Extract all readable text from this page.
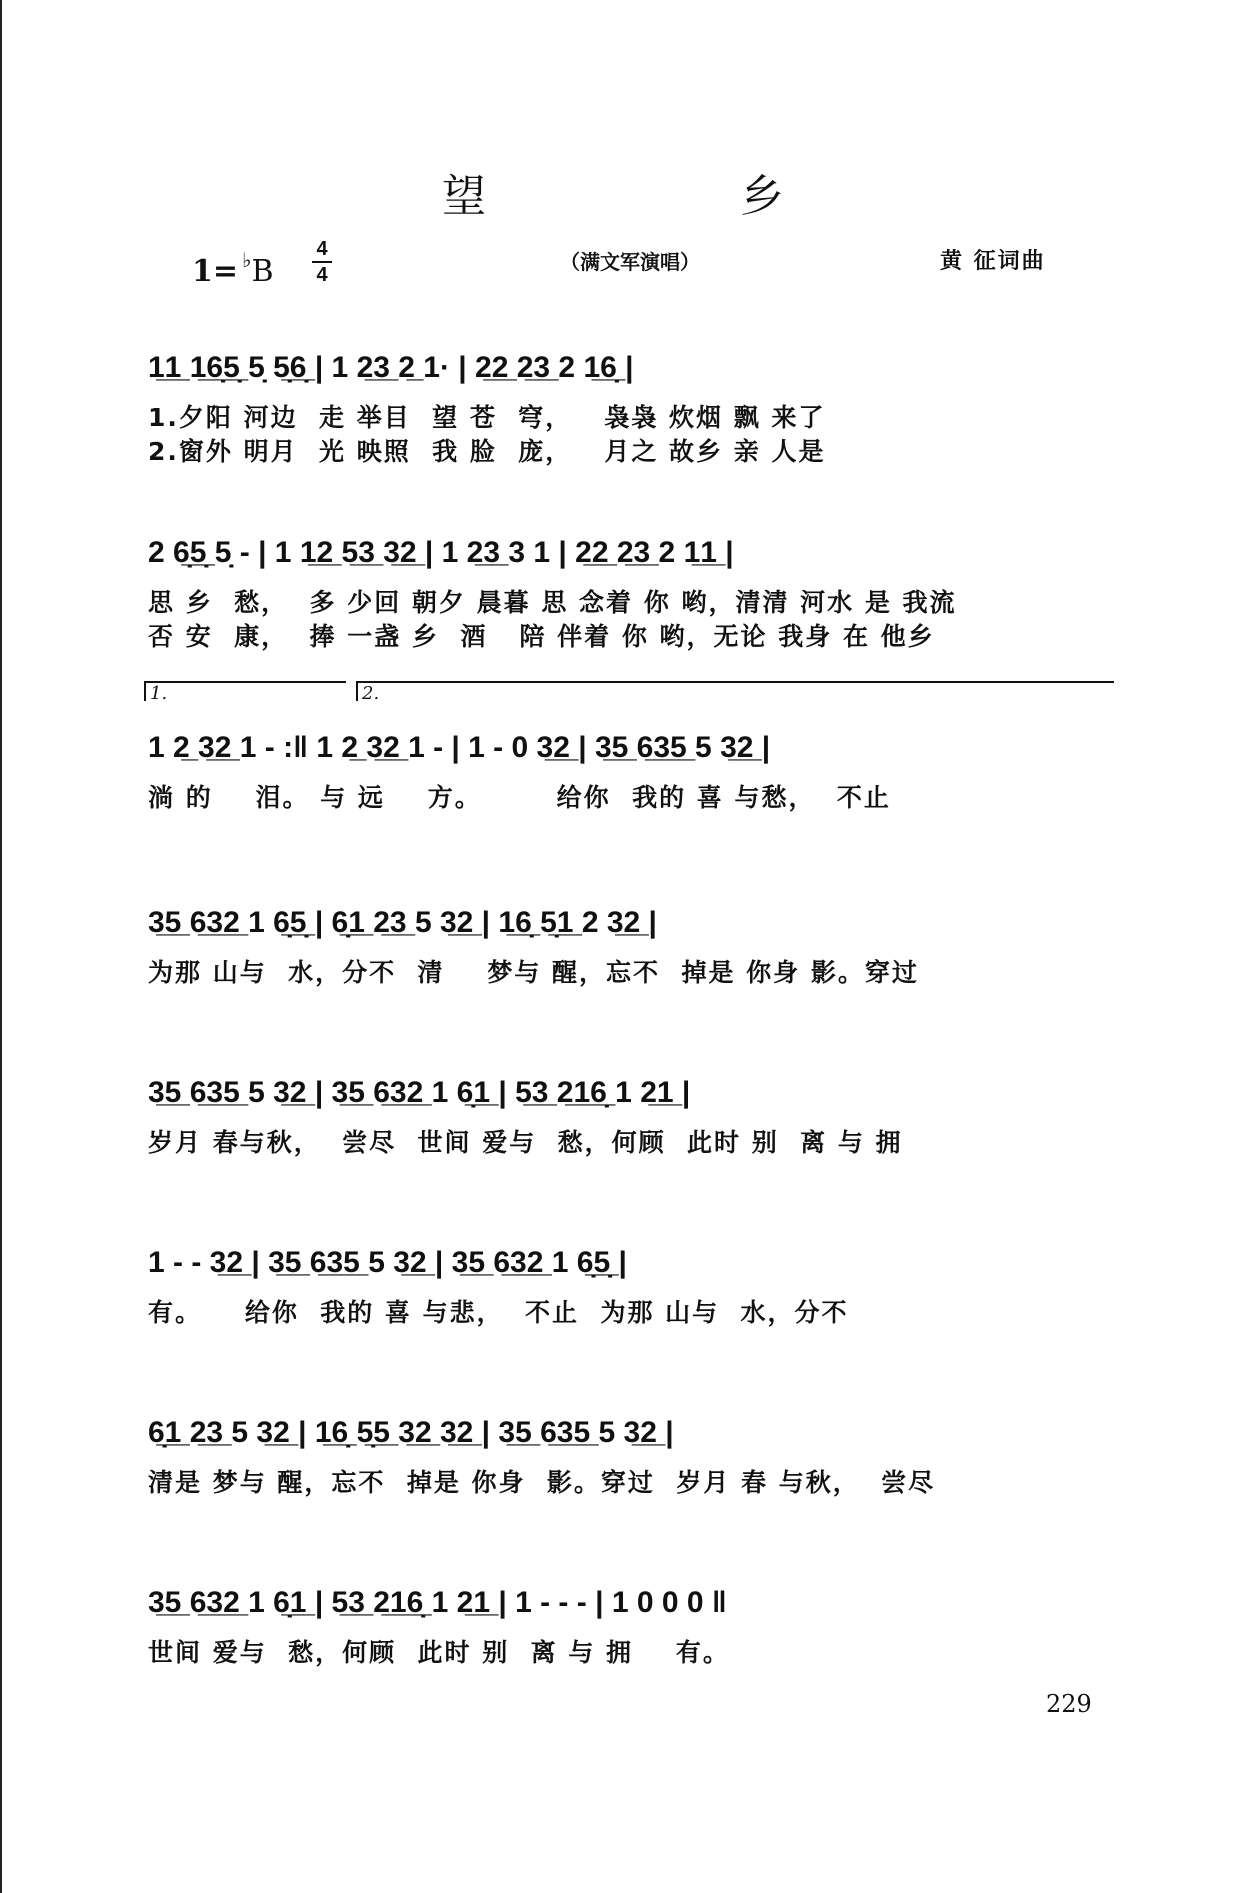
望 乡
1= ♭B
4
4
（满文军演唱）	黄 征词曲
1̲1̲ 1̲6̣̲5̣̲ 5̣ 5̣̲6̣̲ | 1 2̲3̲ 2̲ 1· | 2̲2̲ 2̲3̲ 2 1̲6̣̲ |
1.夕阳 河边  走 举目  望 苍  穹，   袅袅 炊烟 飘 来了
2.窗外 明月  光 映照  我 脸  庞，   月之 故乡 亲 人是
2 6̣̲5̣̲ 5̣ - | 1 1̲2̲ 5̲3̲ 3̲2̲ | 1 2̲3̲ 3 1 | 2̲2̲ 2̲3̲ 2 1̲1̲ |
思 乡  愁，  多 少回 朝夕 晨暮 思 念着 你 哟，清清 河水 是 我流
否 安  康，  捧 一盏 乡  酒   陪 伴着 你 哟，无论 我身 在 他乡
1.	2.
1 2̲ 3̲2̲ 1 - :‖ 1 2̲ 3̲2̲ 1 - | 1 - 0 3̲2̲ | 3̲5̲ 6̲3̲5̲ 5 3̲2̲ |
淌 的    泪。 与 远    方。       给你  我的 喜 与愁，  不止
3̲5̲ 6̲3̲2̲ 1 6̣̲5̣̲ | 6̣̲1̲ 2̲3̲ 5 3̲2̲ | 1̲6̣̲ 5̣̲1̲ 2 3̲2̲ |
为那 山与  水，分不  清    梦与 醒，忘不  掉是 你身 影。穿过
3̲5̲ 6̲3̲5̲ 5 3̲2̲ | 3̲5̲ 6̲3̲2̲ 1 6̣̲1̲ | 5̲3̲ 2̲1̲6̣̲ 1 2̲1̲ |
岁月 春与秋，  尝尽  世间 爱与  愁，何顾  此时 别  离 与 拥
1 - - 3̲2̲ | 3̲5̲ 6̲3̲5̲ 5 3̲2̲ | 3̲5̲ 6̲3̲2̲ 1 6̣̲5̣̲ |
有。    给你  我的 喜 与悲，  不止  为那 山与  水，分不
6̣̲1̲ 2̲3̲ 5 3̲2̲ | 1̲6̣̲ 5̣̲5̲ 3̲2̲ 3̲2̲ | 3̲5̲ 6̲3̲5̲ 5 3̲2̲ |
清是 梦与 醒，忘不  掉是 你身  影。穿过  岁月 春 与秋，  尝尽
3̲5̲ 6̲3̲2̲ 1 6̣̲1̲ | 5̲3̲ 2̲1̲6̣̲ 1 2̲1̲ | 1 - - - | 1 0 0 0 ‖
世间 爱与  愁，何顾  此时 别  离 与 拥    有。
229
